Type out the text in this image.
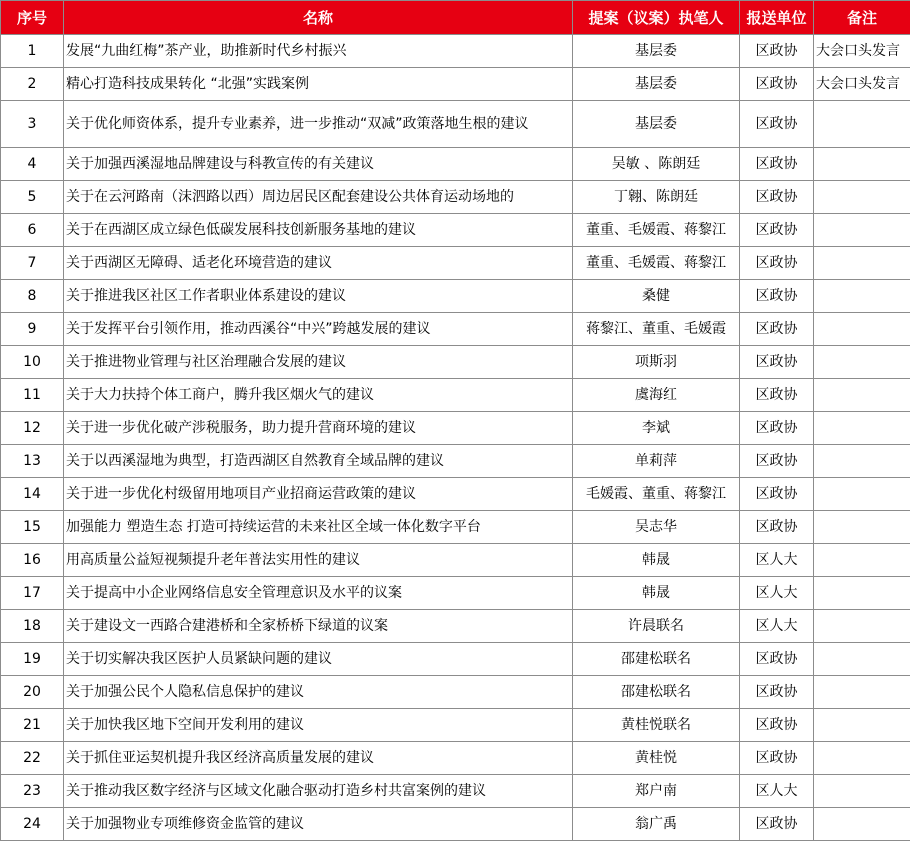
序号	名称	提案（议案）执笔人	报送单位	备注
1	发展“九曲红梅”茶产业，助推新时代乡村振兴	基层委	区政协	大会口头发言
2	精心打造科技成果转化 “北强”实践案例	基层委	区政协	大会口头发言
3	关于优化师资体系，提升专业素养，进一步推动“双减”政策落地生根的建议	基层委	区政协	
4	关于加强西溪湿地品牌建设与科教宣传的有关建议	吴敏 、陈朗廷	区政协	
5	关于在云河路南（沫泗路以西）周边居民区配套建设公共体育运动场地的	丁翱、陈朗廷	区政协	
6	关于在西湖区成立绿色低碳发展科技创新服务基地的建议	董重、毛媛霞、蒋黎江	区政协	
7	关于西湖区无障碍、适老化环境营造的建议	董重、毛媛霞、蒋黎江	区政协	
8	关于推进我区社区工作者职业体系建设的建议	桑健	区政协	
9	关于发挥平台引领作用，推动西溪谷“中兴”跨越发展的建议	蒋黎江、董重、毛媛霞	区政协	
10	关于推进物业管理与社区治理融合发展的建议	项斯羽	区政协	
11	关于大力扶持个体工商户，腾升我区烟火气的建议	虞海红	区政协	
12	关于进一步优化破产涉税服务，助力提升营商环境的建议	李斌	区政协	
13	关于以西溪湿地为典型，打造西湖区自然教育全域品牌的建议	单莉萍	区政协	
14	关于进一步优化村级留用地项目产业招商运营政策的建议	毛媛霞、董重、蒋黎江	区政协	
15	加强能力 塑造生态 打造可持续运营的未来社区全域一体化数字平台	吴志华	区政协	
16	用高质量公益短视频提升老年普法实用性的建议	韩晟	区人大	
17	关于提高中小企业网络信息安全管理意识及水平的议案	韩晟	区人大	
18	关于建设文一西路合建港桥和全家桥桥下绿道的议案	许晨联名	区人大	
19	关于切实解决我区医护人员紧缺问题的建议	邵建松联名	区政协	
20	关于加强公民个人隐私信息保护的建议	邵建松联名	区政协	
21	关于加快我区地下空间开发利用的建议	黄桂悦联名	区政协	
22	关于抓住亚运契机提升我区经济高质量发展的建议	黄桂悦	区政协	
23	关于推动我区数字经济与区域文化融合驱动打造乡村共富案例的建议	郑户南	区人大	
24	关于加强物业专项维修资金监管的建议	翁广禹	区政协	
